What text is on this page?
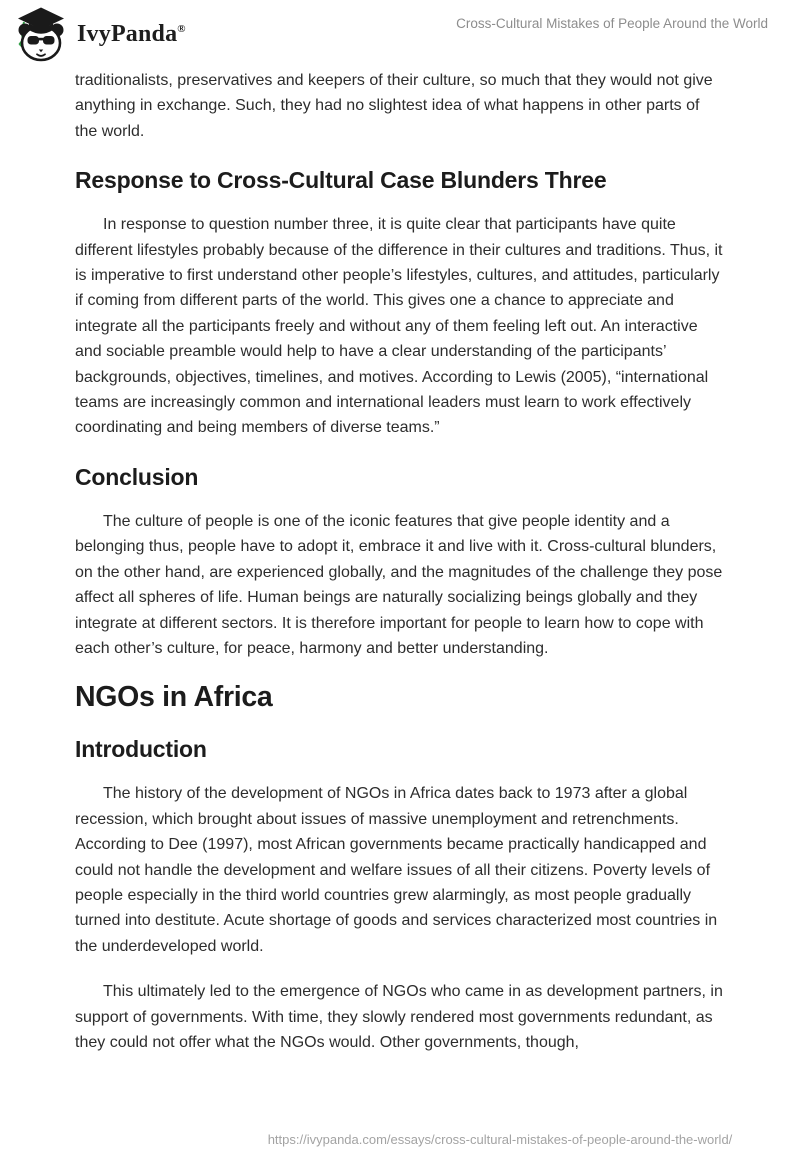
IvyPanda®	Cross-Cultural Mistakes of People Around the World

traditionalists, preservatives and keepers of their culture, so much that they would not give anything in exchange. Such, they had no slightest idea of what happens in other parts of the world.

Response to Cross-Cultural Case Blunders Three

In response to question number three, it is quite clear that participants have quite different lifestyles probably because of the difference in their cultures and traditions. Thus, it is imperative to first understand other people’s lifestyles, cultures, and attitudes, particularly if coming from different parts of the world. This gives one a chance to appreciate and integrate all the participants freely and without any of them feeling left out. An interactive and sociable preamble would help to have a clear understanding of the participants’ backgrounds, objectives, timelines, and motives. According to Lewis (2005), “international teams are increasingly common and international leaders must learn to work effectively coordinating and being members of diverse teams.”

Conclusion

The culture of people is one of the iconic features that give people identity and a belonging thus, people have to adopt it, embrace it and live with it. Cross-cultural blunders, on the other hand, are experienced globally, and the magnitudes of the challenge they pose affect all spheres of life. Human beings are naturally socializing beings globally and they integrate at different sectors. It is therefore important for people to learn how to cope with each other’s culture, for peace, harmony and better understanding.

NGOs in Africa
Introduction

The history of the development of NGOs in Africa dates back to 1973 after a global recession, which brought about issues of massive unemployment and retrenchments. According to Dee (1997), most African governments became practically handicapped and could not handle the development and welfare issues of all their citizens. Poverty levels of people especially in the third world countries grew alarmingly, as most people gradually turned into destitute. Acute shortage of goods and services characterized most countries in the underdeveloped world.

This ultimately led to the emergence of NGOs who came in as development partners, in support of governments. With time, they slowly rendered most governments redundant, as they could not offer what the NGOs would. Other governments, though,

https://ivypanda.com/essays/cross-cultural-mistakes-of-people-around-the-world/
